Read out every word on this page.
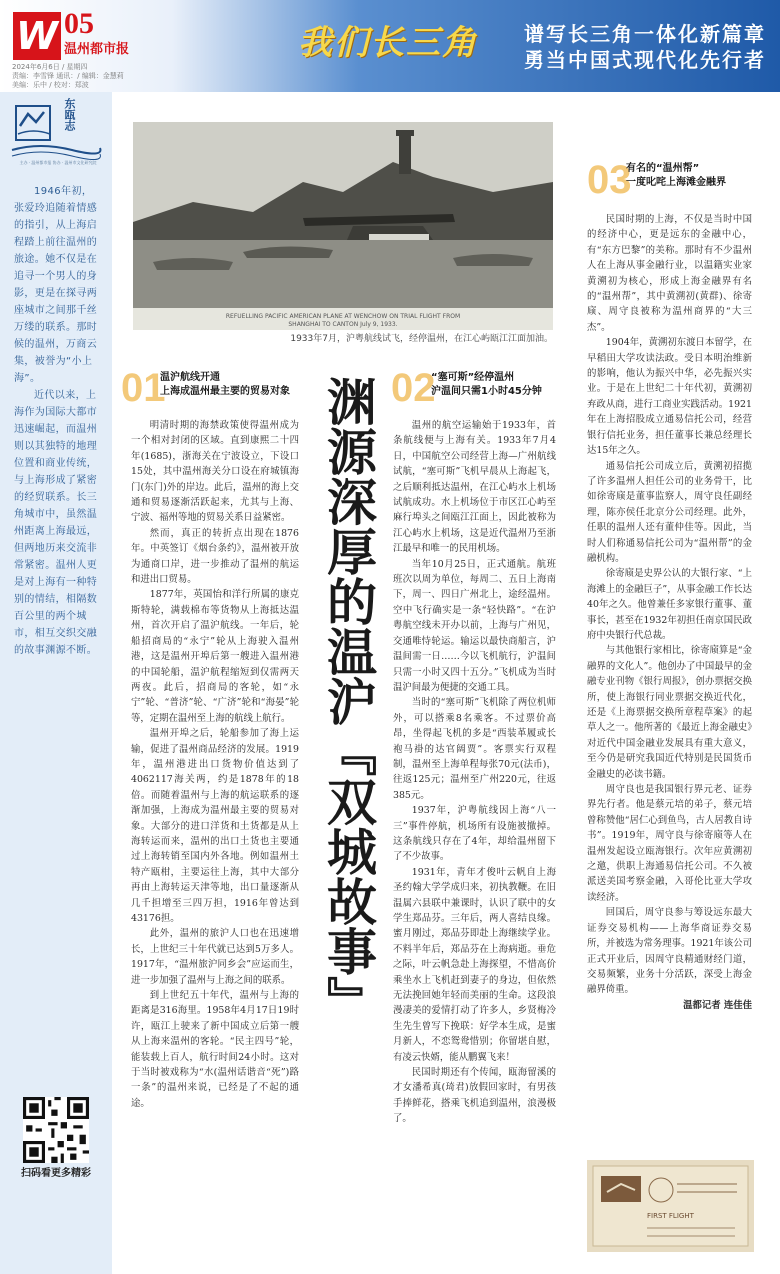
W 05
温州都市报
2024年6月6日 / 星期四
责编：李雪锋 通讯：/ 编辑：金慧莉
美编：乐中 / 校对：郑波
我们长三角 谱写长三角一体化新篇章
勇当中国式现代化先行者
东瓯志
主办 · 温州都市报 协办 · 温州市文化研究院

1946年初，张爱玲追随着情感的指引，从上海启程踏上前往温州的旅途。她不仅是在追寻一个男人的身影，更是在探寻两座城市之间那千丝万缕的联系。那时候的温州，万商云集，被誉为“小上海”。

近代以来，上海作为国际大都市迅速崛起，而温州则以其独特的地理位置和商业传统，与上海形成了紧密的经贸联系。长三角城市中，虽然温州距离上海最远，但两地历来交流非常紧密。温州人更是对上海有一种特别的情结，相隔数百公里的两个城市，相互交织交融的故事渊源不断。

扫码看更多精彩
REFUELLING PACIFIC AMERICAN PLANE AT WENCHOW ON TRIAL FLIGHT FROM
SHANGHAI TO CANTON July 9, 1933.
1933年7月，沪粤航线试飞，经停温州，在江心屿瓯江江面加油。
渊源深厚的温沪『双城故事』
01
温沪航线开通
上海成温州最主要的贸易对象

明清时期的海禁政策使得温州成为一个相对封闭的区域。直到康熙二十四年(1685)，浙海关在宁波设立，下设口15处，其中温州海关分口设在府城镇海门(东门)外的岸边。此后，温州的海上交通和贸易逐渐活跃起来，尤其与上海、宁波、福州等地的贸易关系日益紧密。

然而，真正的转折点出现在1876年。中英签订《烟台条约》，温州被开放为通商口岸，进一步推动了温州的航运和进出口贸易。

1877年，英国怡和洋行所属的康克斯特轮，满载棉布等货物从上海抵达温州，首次开启了温沪航线。一年后，轮船招商局的“永宁”轮从上海驶入温州港，这是温州开埠后第一艘进入温州港的中国轮船，温沪航程缩短到仅需两天两夜。此后，招商局的客轮，如“永宁”轮、“普济”轮、“广济”轮和“海晏”轮等，定期在温州至上海的航线上航行。

温州开埠之后，轮船参加了海上运输，促进了温州商品经济的发展。1919年，温州港进出口货物价值达到了4062117海关两，约是1878年的18倍。而随着温州与上海的航运联系的逐渐加强，上海成为温州最主要的贸易对象。大部分的进口洋货和土货都是从上海转运而来，温州的出口土货也主要通过上海转销至国内外各地。例如温州土特产瓯柑，主要运往上海，其中大部分再由上海转运天津等地，出口量逐渐从几千担增至三四万担，1916年曾达到43176担。

此外，温州的旅沪人口也在迅速增长，上世纪三十年代就已达到5万多人。1917年，“温州旅沪同乡会”应运而生，进一步加强了温州与上海之间的联系。

到上世纪五十年代，温州与上海的距离是316海里。1958年4月17日19时许，瓯江上驶来了新中国成立后第一艘从上海来温州的客轮。“民主四号”轮，能装载上百人，航行时间24小时。这对于当时被戏称为“水(温州话谐音“死”)路一条”的温州来说，已经是了不起的通途。

02
“塞可斯”经停温州
沪温间只需1小时45分钟

温州的航空运输始于1933年，首条航线便与上海有关。1933年7月4日，中国航空公司经营上海—广州航线试航，“塞可斯”飞机早晨从上海起飞，之后顺利抵达温州，在江心屿水上机场试航成功。水上机场位于市区江心屿至麻行埠头之间瓯江江面上，因此被称为江心屿水上机场，这是近代温州乃至浙江最早和唯一的民用机场。

当年10月25日，正式通航。航班班次以周为单位，每周二、五日上海南下，周一、四日广州北上，途经温州。空中飞行确实是一条“轻快路”。“在沪粤航空线未开办以前，上海与广州见，交通唯恃轮运。输运以最快商船言，沪温间需一日……今以飞机航行，沪温间只需一小时又四十五分。”飞机成为当时温沪间最为便捷的交通工具。

当时的“塞可斯”飞机除了两位机师外，可以搭乘8名乘客。不过票价高昂，坐得起飞机的多是“西装革履或长袍马褂的达官阔贾”。客票实行双程制，温州至上海单程每张70元(法币)，往返125元；温州至广州220元，往返385元。

1937年，沪粤航线因上海“八一三”事件停航，机场所有设施被撤掉。这条航线只存在了4年，却给温州留下了不少故事。

1931年，青年才俊叶云帆自上海圣约翰大学学成归来，初执教鞭。在旧温属六县联中兼课时，认识了联中的女学生郑品芬。三年后，两人喜结良缘。蜜月刚过，郑品芬即赴上海继续学业。不料半年后，郑品芬在上海病逝。垂危之际，叶云帆急赴上海探望，不惜高价乘坐水上飞机赶到妻子的身边，但依然无法挽回她年轻而美丽的生命。这段浪漫凄美的爱情打动了许多人，乡贤梅冷生先生曾写下挽联：好学本生成，是蜜月新人，不恋鸳鸯惜别；你留堪自慰，有凌云快婿，能从鹏翼飞来！

民国时期还有个传闻，瓯海留溪的才女潘希真(琦君)放假回家时，有男孩手捧鲜花，搭乘飞机追到温州，浪漫极了。

03
有名的“温州帮”
一度叱咤上海滩金融界

民国时期的上海，不仅是当时中国的经济中心，更是远东的金融中心，有“东方巴黎”的美称。那时有不少温州人在上海从事金融行业，以温籍实业家黄溯初为核心，形成上海金融界有名的“温州帮”，其中黄溯初(黄群)、徐寄庼、周守良被称为温州商界的“大三杰”。

1904年，黄溯初东渡日本留学，在早稻田大学攻读法政。受日本明治维新的影响，他认为振兴中华，必先振兴实业。于是在上世纪二十年代初，黄溯初弃政从商，进行工商业实践活动。1921年在上海招股成立通易信托公司，经营银行信托业务，担任董事长兼总经理长达15年之久。

通易信托公司成立后，黄溯初招揽了许多温州人担任公司的业务骨干，比如徐寄庼是董事监察人，周守良任副经理，陈亦侯任北京分公司经理。此外，任职的温州人还有董仲佳等。因此，当时人们称通易信托公司为“温州帮”的金融机构。

徐寄庼是史界公认的大银行家、“上海滩上的金融巨子”，从事金融工作长达40年之久。他曾兼任多家银行董事、董事长，甚至在1932年初担任南京国民政府中央银行代总裁。

与其他银行家相比，徐寄庼算是“金融界的文化人”。他创办了中国最早的金融专业刊物《银行周报》，创办票据交换所，使上海银行同业票据交换近代化，还是《上海票据交换所章程草案》的起草人之一。他所著的《最近上海金融史》对近代中国金融业发展具有重大意义，至今仍是研究我国近代特别是民国货币金融史的必读书籍。

周守良也是我国银行界元老、证券界先行者。他是蔡元培的弟子，蔡元培曾称赞他“居仁心到鱼鸟，古人居教自诗书”。1919年，周守良与徐寄庼等人在温州发起设立瓯海银行。次年应黄溯初之邀，供职上海通易信托公司。不久被派送美国考察金融，入哥伦比亚大学攻读经济。

回国后，周守良参与筹设远东最大证券交易机构——上海华商证券交易所，并被选为常务理事。1921年该公司正式开业后，因周守良精通财经门道，交易频繁，业务十分活跃，深受上海金融界倚重。

温都记者 连佳佳
FIRST FLIGHT
